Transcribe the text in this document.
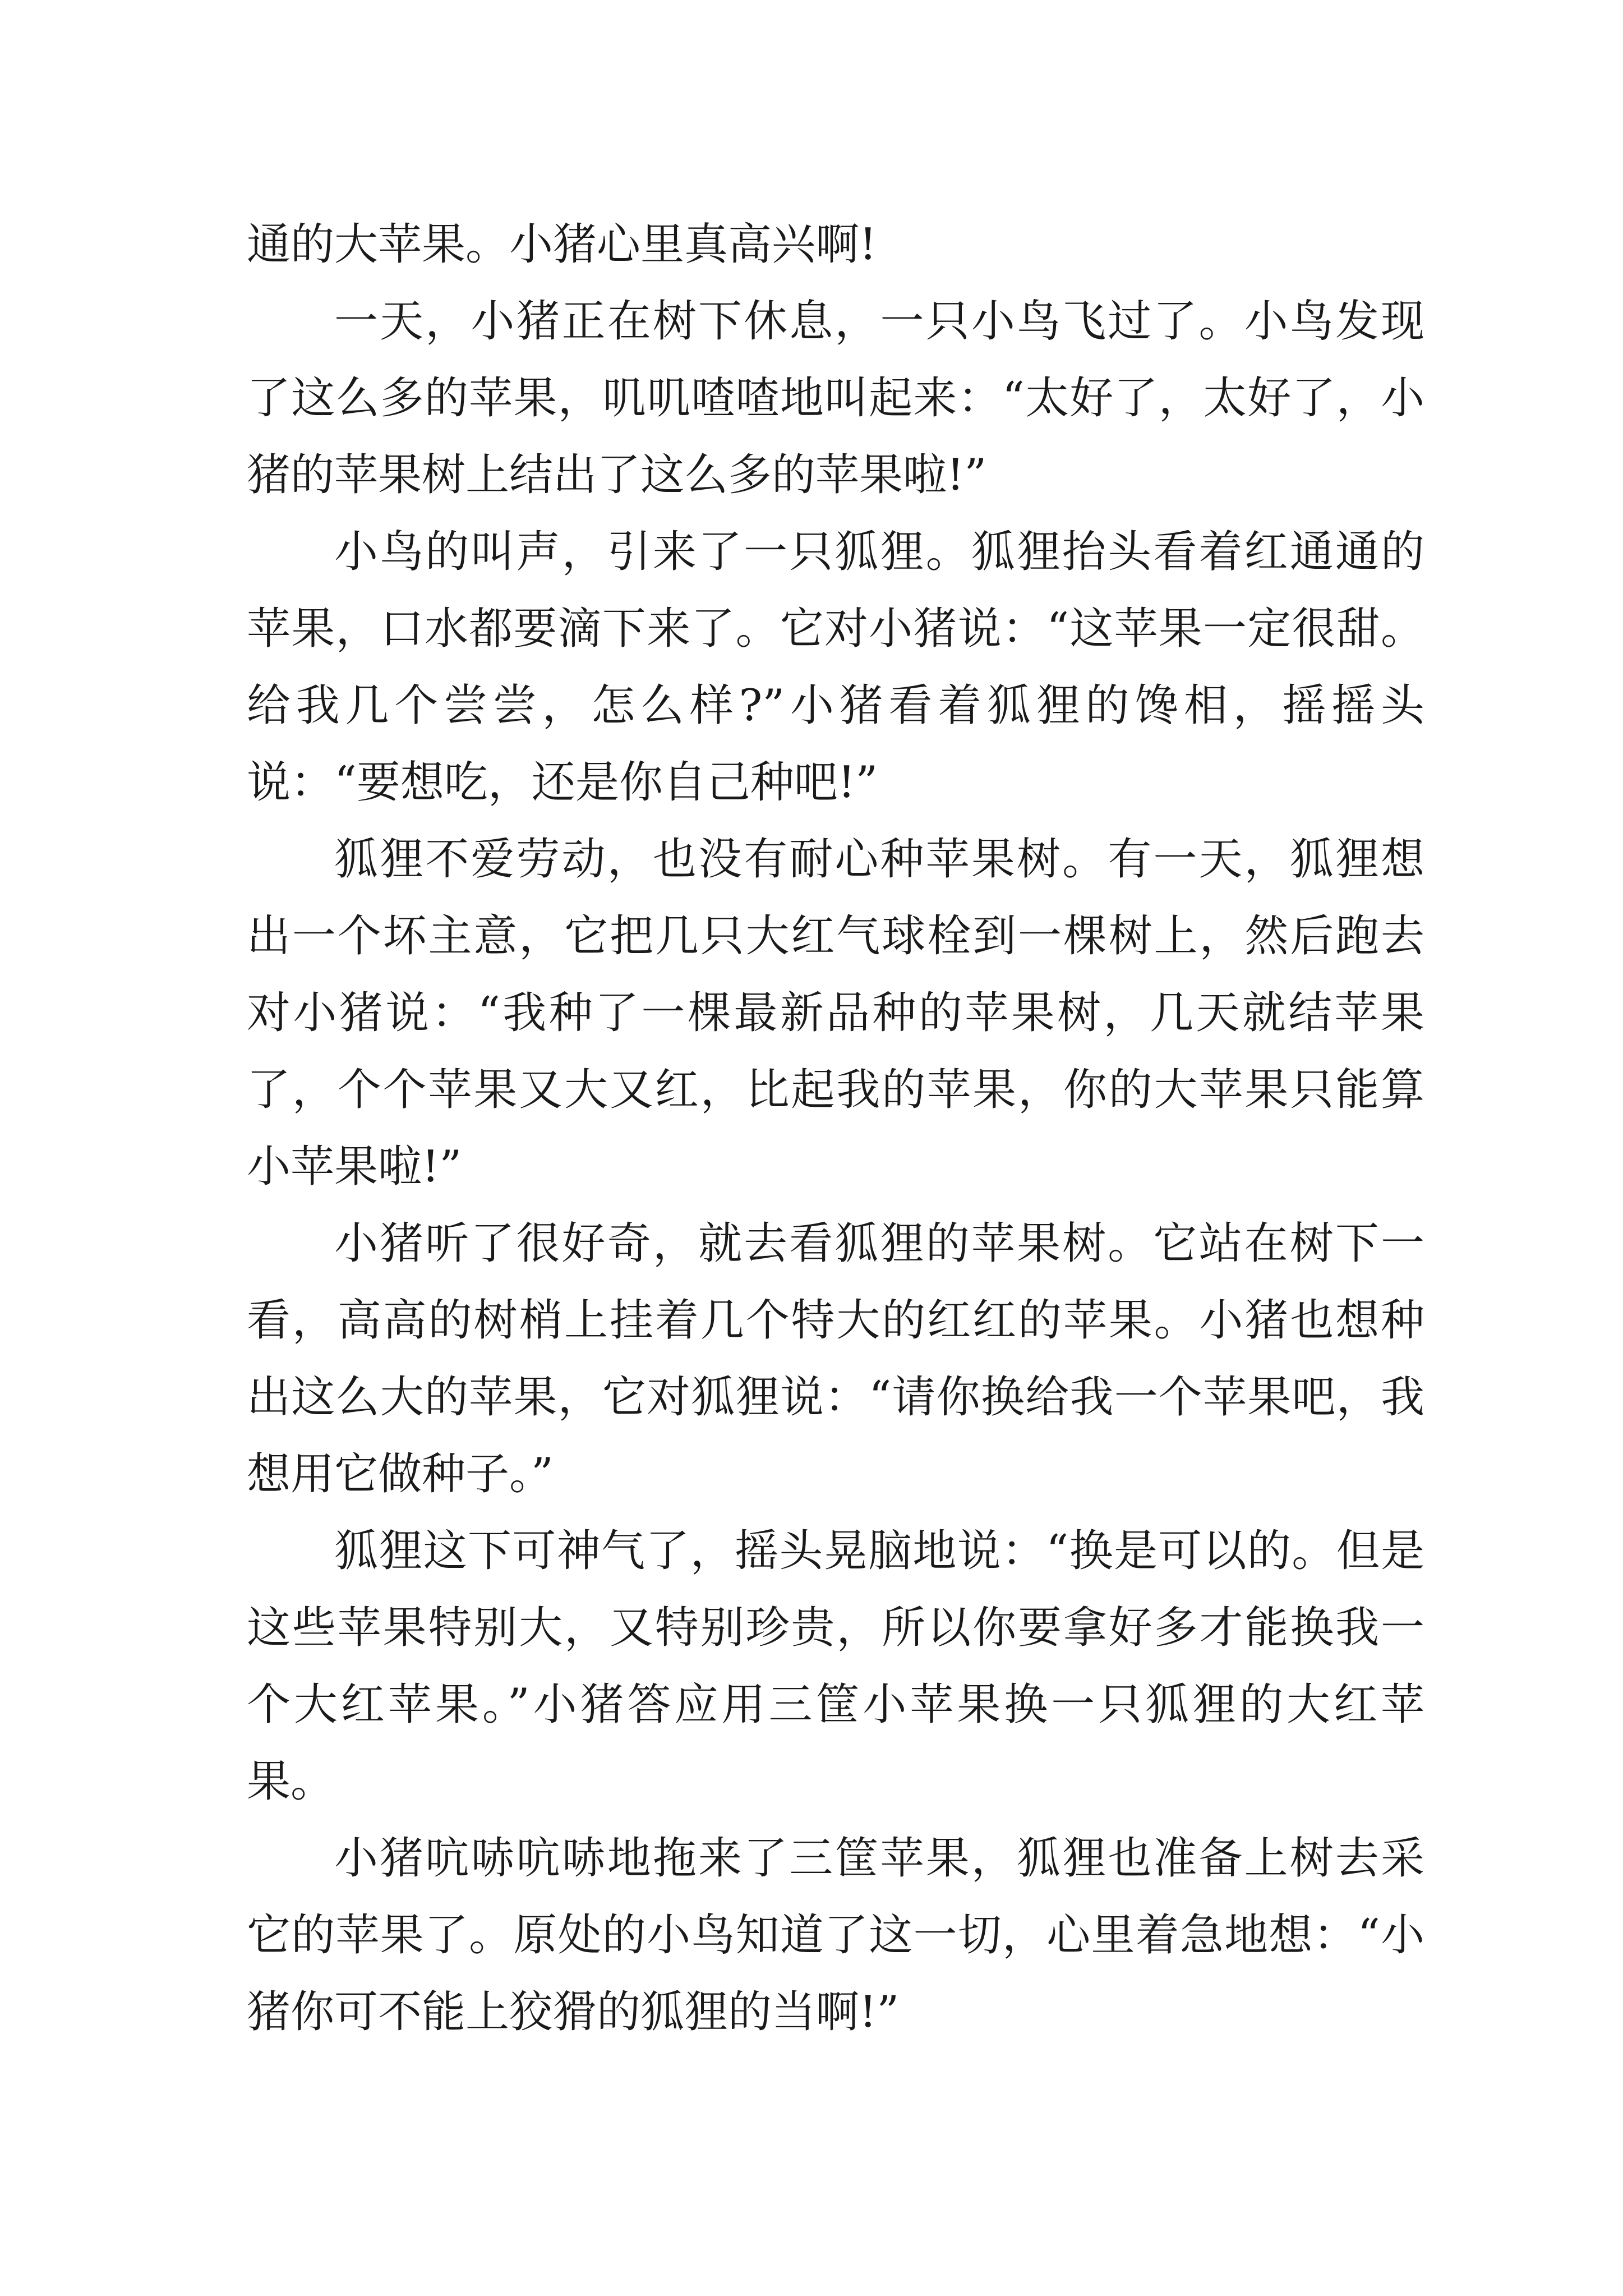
通的大苹果。小猪心里真高兴啊!

一天，小猪正在树下休息，一只小鸟飞过了。小鸟发现了这么多的苹果，叽叽喳喳地叫起来：“太好了，太好了，小猪的苹果树上结出了这么多的苹果啦!”

小鸟的叫声，引来了一只狐狸。狐狸抬头看着红通通的苹果，口水都要滴下来了。它对小猪说：“这苹果一定很甜。给我几个尝尝，怎么样?”小猪看着狐狸的馋相，摇摇头说：“要想吃，还是你自己种吧!”

狐狸不爱劳动，也没有耐心种苹果树。有一天，狐狸想出一个坏主意，它把几只大红气球栓到一棵树上，然后跑去对小猪说：“我种了一棵最新品种的苹果树，几天就结苹果了，个个苹果又大又红，比起我的苹果，你的大苹果只能算小苹果啦!”

小猪听了很好奇，就去看狐狸的苹果树。它站在树下一看，高高的树梢上挂着几个特大的红红的苹果。小猪也想种出这么大的苹果，它对狐狸说：“请你换给我一个苹果吧，我想用它做种子。”

狐狸这下可神气了，摇头晃脑地说：“换是可以的。但是这些苹果特别大，又特别珍贵，所以你要拿好多才能换我一个大红苹果。”小猪答应用三筐小苹果换一只狐狸的大红苹果。

小猪吭哧吭哧地拖来了三筐苹果，狐狸也准备上树去采它的苹果了。原处的小鸟知道了这一切，心里着急地想：“小猪你可不能上狡猾的狐狸的当啊!”
